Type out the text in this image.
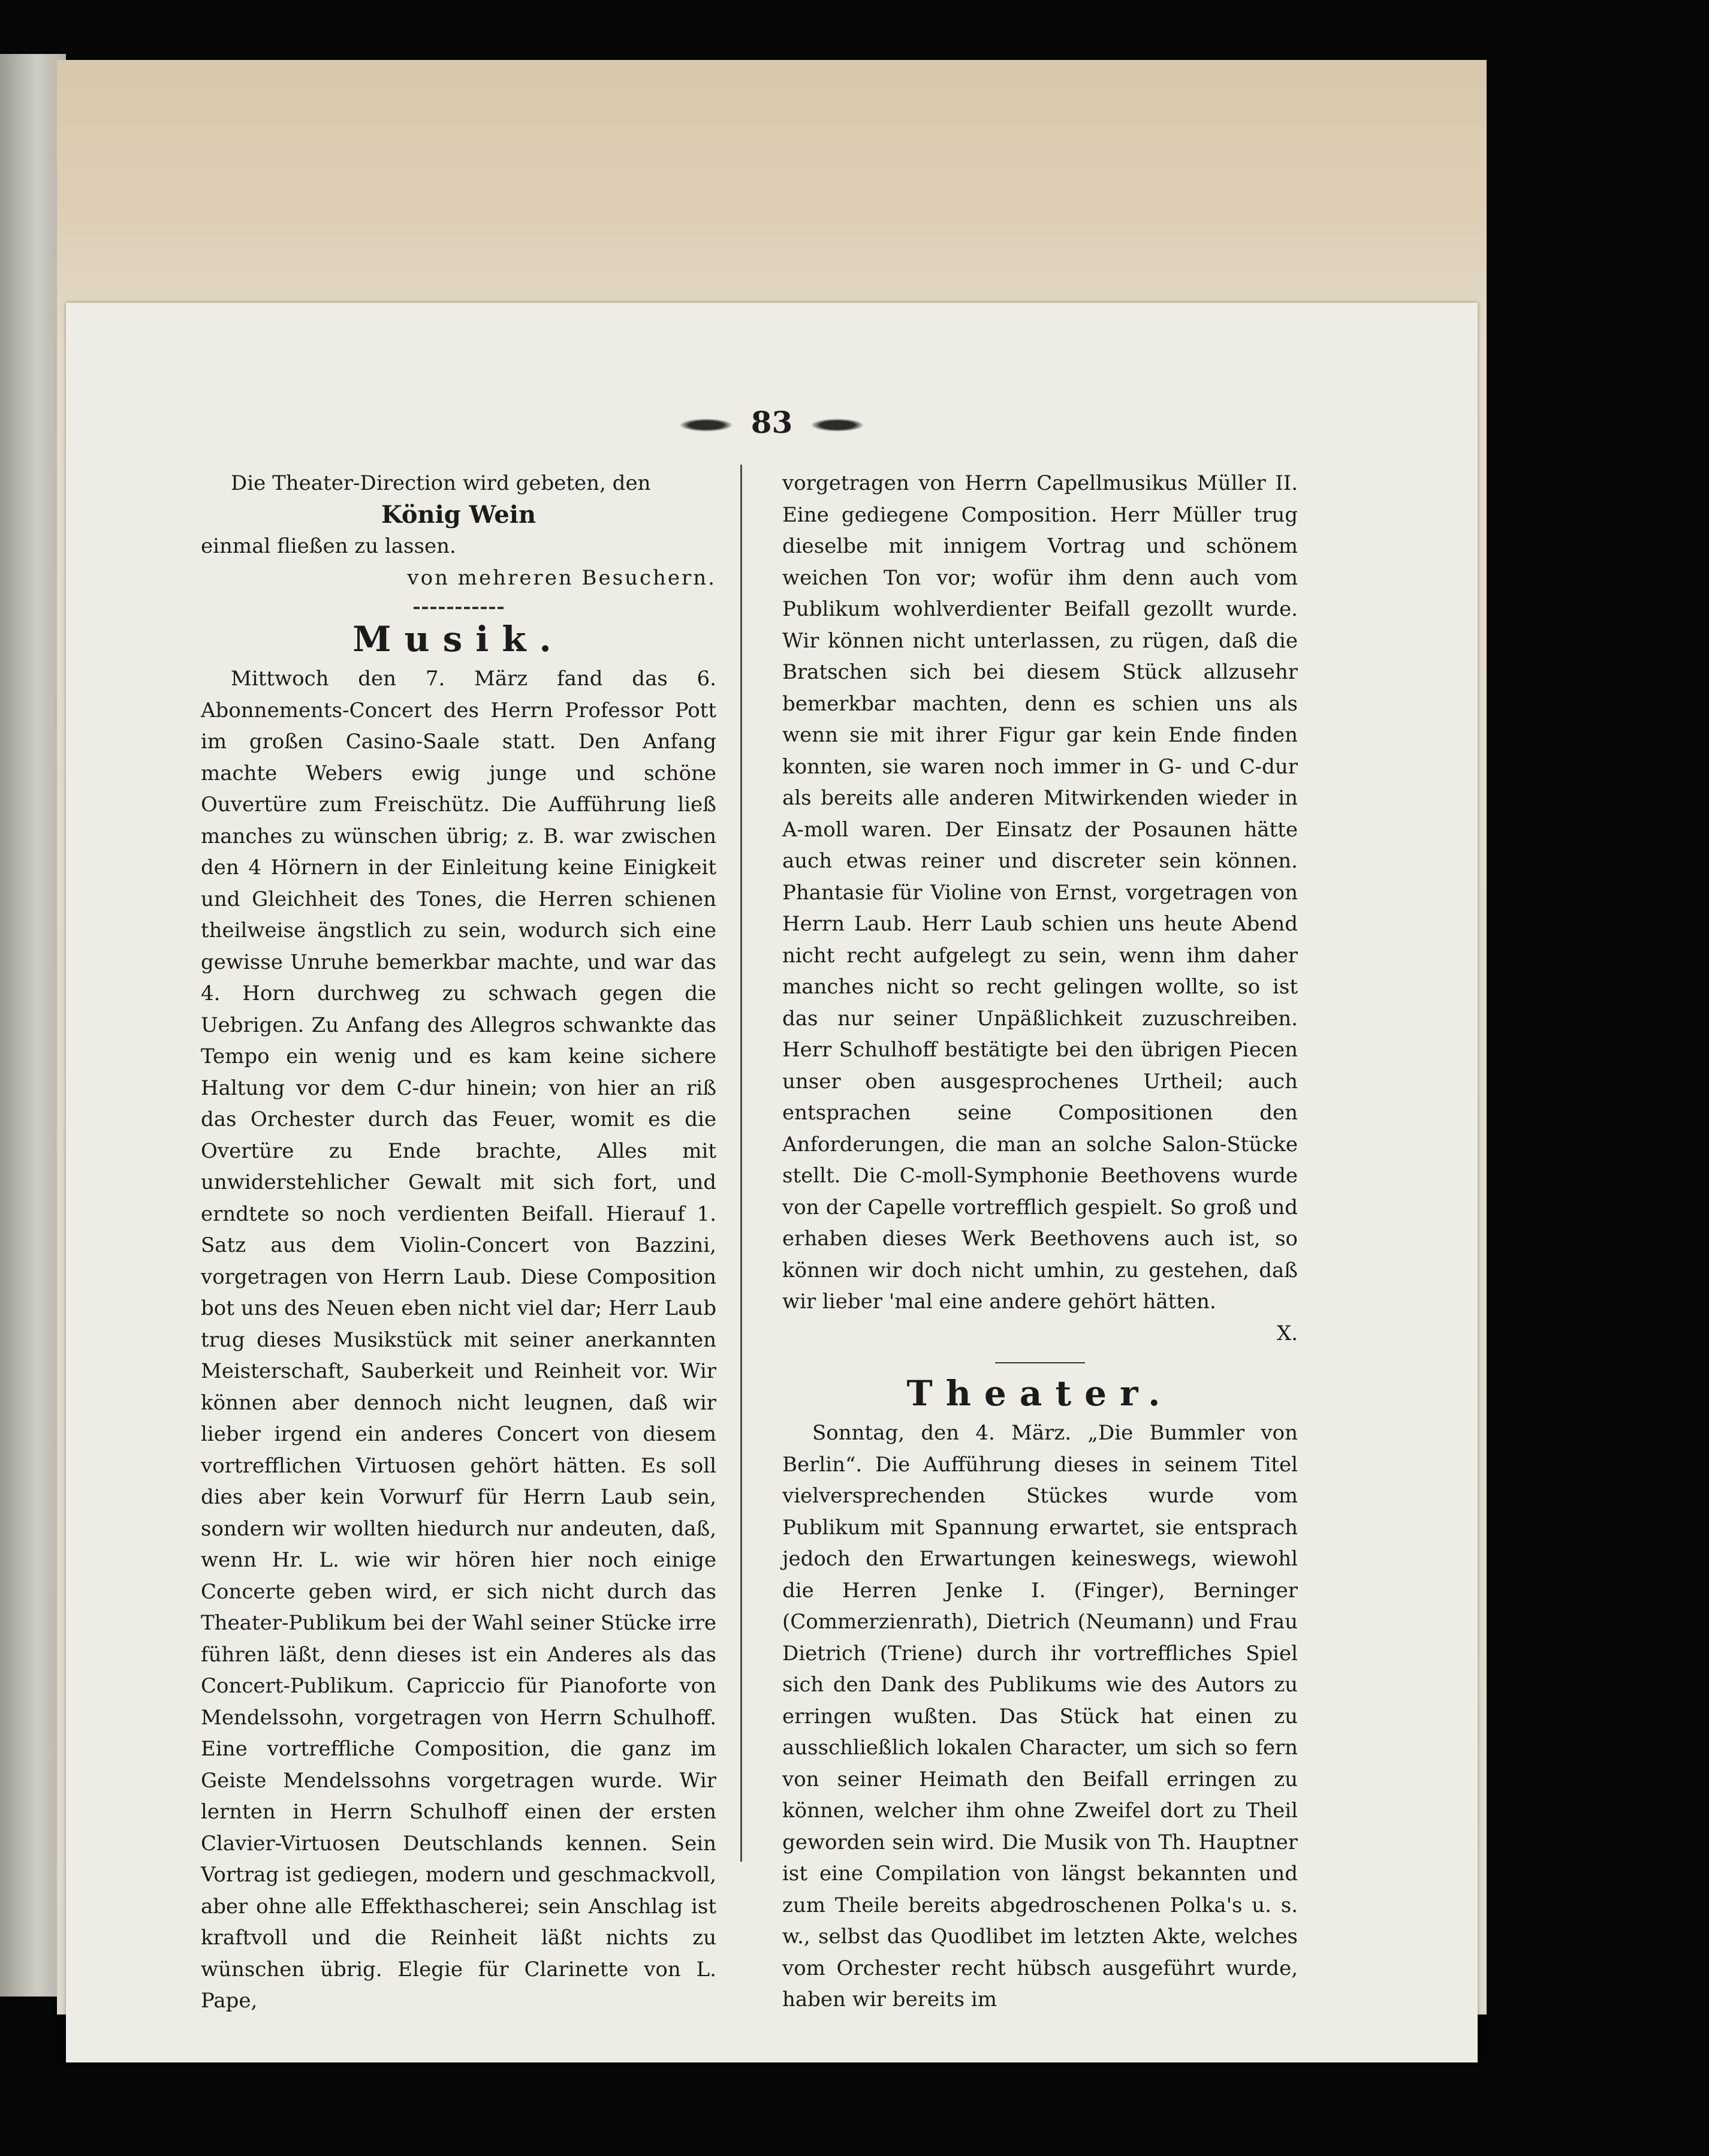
83

Die Theater-Direction wird gebeten, den

König Wein

einmal fließen zu lassen.

von mehreren Besuchern.

Musik.

Mittwoch den 7. März fand das 6. Abonnements-Concert des Herrn Professor Pott im großen Casino-Saale statt. Den Anfang machte Webers ewig junge und schöne Ouvertüre zum Freischütz. Die Aufführung ließ manches zu wünschen übrig; z. B. war zwischen den 4 Hörnern in der Einleitung keine Einigkeit und Gleichheit des Tones, die Herren schienen theilweise ängstlich zu sein, wodurch sich eine gewisse Unruhe bemerkbar machte, und war das 4. Horn durchweg zu schwach gegen die Uebrigen. Zu Anfang des Allegros schwankte das Tempo ein wenig und es kam keine sichere Haltung vor dem C-dur hinein; von hier an riß das Orchester durch das Feuer, womit es die Overtüre zu Ende brachte, Alles mit unwiderstehlicher Gewalt mit sich fort, und erndtete so noch verdienten Beifall. Hierauf 1. Satz aus dem Violin-Concert von Bazzini, vorgetragen von Herrn Laub. Diese Composition bot uns des Neuen eben nicht viel dar; Herr Laub trug dieses Musikstück mit seiner anerkannten Meisterschaft, Sauberkeit und Reinheit vor. Wir können aber dennoch nicht leugnen, daß wir lieber irgend ein anderes Concert von diesem vortrefflichen Virtuosen gehört hätten. Es soll dies aber kein Vorwurf für Herrn Laub sein, sondern wir wollten hiedurch nur andeuten, daß, wenn Hr. L. wie wir hören hier noch einige Concerte geben wird, er sich nicht durch das Theater-Publikum bei der Wahl seiner Stücke irre führen läßt, denn dieses ist ein Anderes als das Concert-Publikum. Capriccio für Pianoforte von Mendelssohn, vorgetragen von Herrn Schulhoff. Eine vortreffliche Composition, die ganz im Geiste Mendelssohns vorgetragen wurde. Wir lernten in Herrn Schulhoff einen der ersten Clavier-Virtuosen Deutschlands kennen. Sein Vortrag ist gediegen, modern und geschmackvoll, aber ohne alle Effekthascherei; sein Anschlag ist kraftvoll und die Reinheit läßt nichts zu wünschen übrig. Elegie für Clarinette von L. Pape,

vorgetragen von Herrn Capellmusikus Müller II. Eine gediegene Composition. Herr Müller trug dieselbe mit innigem Vortrag und schönem weichen Ton vor; wofür ihm denn auch vom Publikum wohlverdienter Beifall gezollt wurde. Wir können nicht unterlassen, zu rügen, daß die Bratschen sich bei diesem Stück allzusehr bemerkbar machten, denn es schien uns als wenn sie mit ihrer Figur gar kein Ende finden konnten, sie waren noch immer in G- und C-dur als bereits alle anderen Mitwirkenden wieder in A-moll waren. Der Einsatz der Posaunen hätte auch etwas reiner und discreter sein können. Phantasie für Violine von Ernst, vorgetragen von Herrn Laub. Herr Laub schien uns heute Abend nicht recht aufgelegt zu sein, wenn ihm daher manches nicht so recht gelingen wollte, so ist das nur seiner Unpäßlichkeit zuzuschreiben. Herr Schulhoff bestätigte bei den übrigen Piecen unser oben ausgesprochenes Urtheil; auch entsprachen seine Compositionen den Anforderungen, die man an solche Salon-Stücke stellt. Die C-moll-Symphonie Beethovens wurde von der Capelle vortrefflich gespielt. So groß und erhaben dieses Werk Beethovens auch ist, so können wir doch nicht umhin, zu gestehen, daß wir lieber 'mal eine andere gehört hätten.

X.

Theater.

Sonntag, den 4. März. „Die Bummler von Berlin“. Die Aufführung dieses in seinem Titel vielversprechenden Stückes wurde vom Publikum mit Spannung erwartet, sie entsprach jedoch den Erwartungen keineswegs, wiewohl die Herren Jenke I. (Finger), Berninger (Commerzienrath), Dietrich (Neumann) und Frau Dietrich (Triene) durch ihr vortreffliches Spiel sich den Dank des Publikums wie des Autors zu erringen wußten. Das Stück hat einen zu ausschließlich lokalen Character, um sich so fern von seiner Heimath den Beifall erringen zu können, welcher ihm ohne Zweifel dort zu Theil geworden sein wird. Die Musik von Th. Hauptner ist eine Compilation von längst bekannten und zum Theile bereits abgedroschenen Polka's u. s. w., selbst das Quodlibet im letzten Akte, welches vom Orchester recht hübsch ausgeführt wurde, haben wir bereits im
